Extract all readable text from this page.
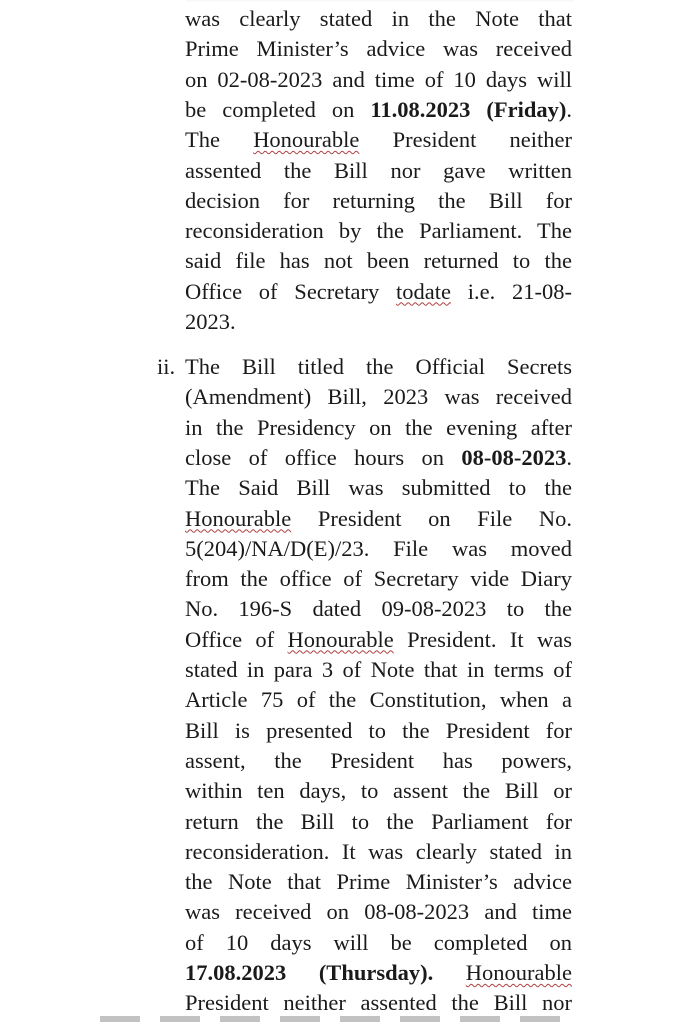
was clearly stated in the Note that
Prime Minister’s advice was received
on 02-08-2023 and time of 10 days will
be completed on 11.08.2023 (Friday).
The Honourable President neither
assented the Bill nor gave written
decision for returning the Bill for
reconsideration by the Parliament. The
said file has not been returned to the
Office of Secretary todate i.e. 21-08-
2023.
ii. The Bill titled the Official Secrets
(Amendment) Bill, 2023 was received
in the Presidency on the evening after
close of office hours on 08-08-2023.
The Said Bill was submitted to the
Honourable President on File No.
5(204)/NA/D(E)/23. File was moved
from the office of Secretary vide Diary
No. 196-S dated 09-08-2023 to the
Office of Honourable President. It was
stated in para 3 of Note that in terms of
Article 75 of the Constitution, when a
Bill is presented to the President for
assent, the President has powers,
within ten days, to assent the Bill or
return the Bill to the Parliament for
reconsideration. It was clearly stated in
the Note that Prime Minister’s advice
was received on 08-08-2023 and time
of 10 days will be completed on
17.08.2023 (Thursday). Honourable
President neither assented the Bill nor
